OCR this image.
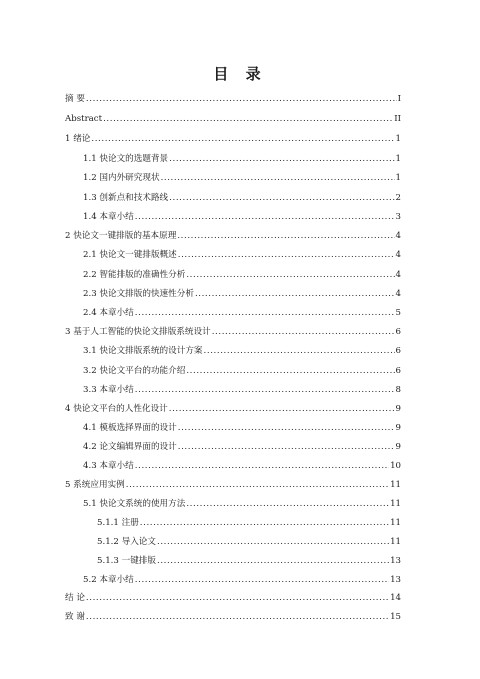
目 录
摘 要 .....	I
Abstract .....	II
1 绪论 .....	1
1.1 快论文的选题背景 .....	1
1.2 国内外研究现状 .....	1
1.3 创新点和技术路线 .....	2
1.4 本章小结 .....	3
2 快论文一键排版的基本原理 .....	4
2.1 快论文一键排版概述 .....	4
2.2 智能排版的准确性分析 .....	4
2.3 快论文排版的快速性分析 .....	4
2.4 本章小结 .....	5
3 基于人工智能的快论文排版系统设计 .....	6
3.1 快论文排版系统的设计方案 .....	6
3.2 快论文平台的功能介绍 .....	6
3.3 本章小结 .....	8
4 快论文平台的人性化设计 .....	9
4.1 模板选择界面的设计 .....	9
4.2 论文编辑界面的设计 .....	9
4.3 本章小结 .....	10
5 系统应用实例 .....	11
5.1 快论文系统的使用方法 .....	11
5.1.1 注册 .....	11
5.1.2 导入论文 .....	11
5.1.3 一键排版 .....	13
5.2 本章小结 .....	13
结 论 .....	14
致 谢 .....	15
